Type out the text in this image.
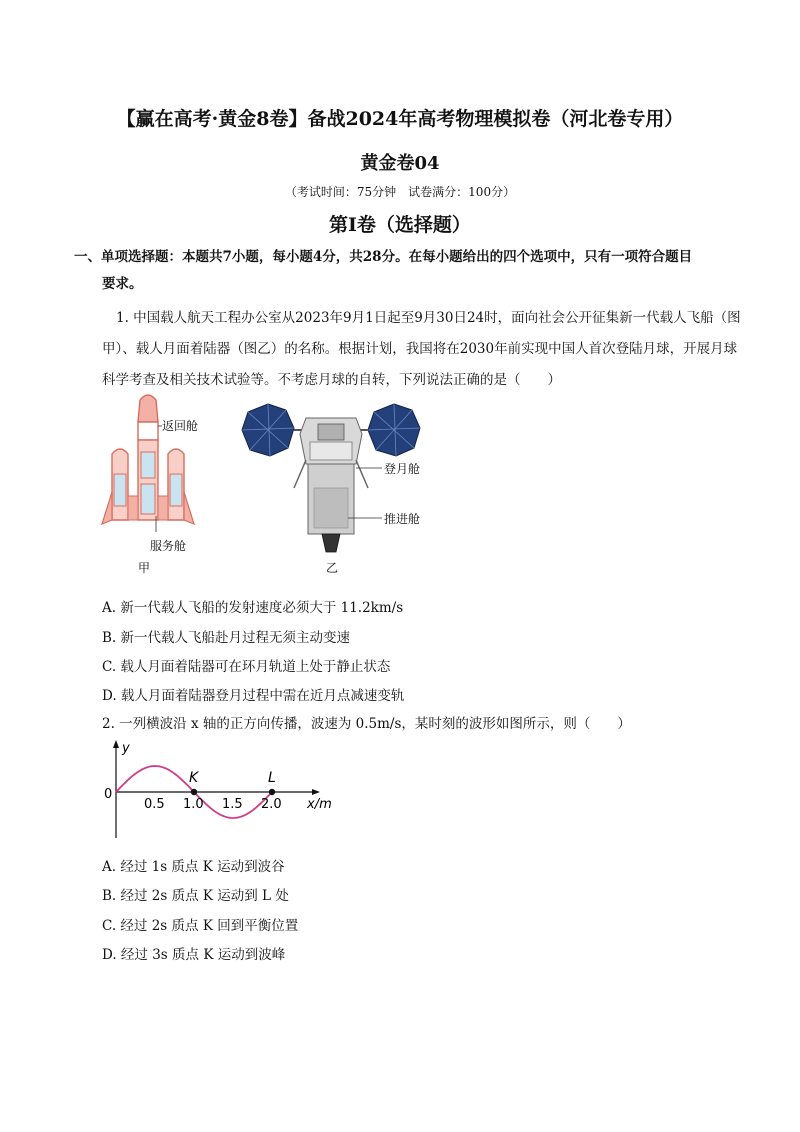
【赢在高考·黄金8卷】备战2024年高考物理模拟卷（河北卷专用）
黄金卷04
（考试时间：75分钟　试卷满分：100分）
第I卷（选择题）
一、单项选择题：本题共7小题，每小题4分，共28分。在每小题给出的四个选项中，只有一项符合题目
要求。
1. 中国载人航天工程办公室从2023年9月1日起至9月30日24时，面向社会公开征集新一代载人飞船（图甲）、载人月面着陆器（图乙）的名称。根据计划，我国将在2030年前实现中国人首次登陆月球，开展月球科学考查及相关技术试验等。不考虑月球的自转，下列说法正确的是（　　）
返回舱
服务舱
甲
登月舱
推进舱
乙
A. 新一代载人飞船的发射速度必须大于 11.2km/s
B. 新一代载人飞船赴月过程无须主动变速
C. 载人月面着陆器可在环月轨道上处于静止状态
D. 载人月面着陆器登月过程中需在近月点减速变轨
2. 一列横波沿 x 轴的正方向传播，波速为 0.5m/s，某时刻的波形如图所示，则（　　）
y
0
0.5 1.0 1.5 2.0 x/m
K	L
A. 经过 1s 质点 K 运动到波谷
B. 经过 2s 质点 K 运动到 L 处
C. 经过 2s 质点 K 回到平衡位置
D. 经过 3s 质点 K 运动到波峰
